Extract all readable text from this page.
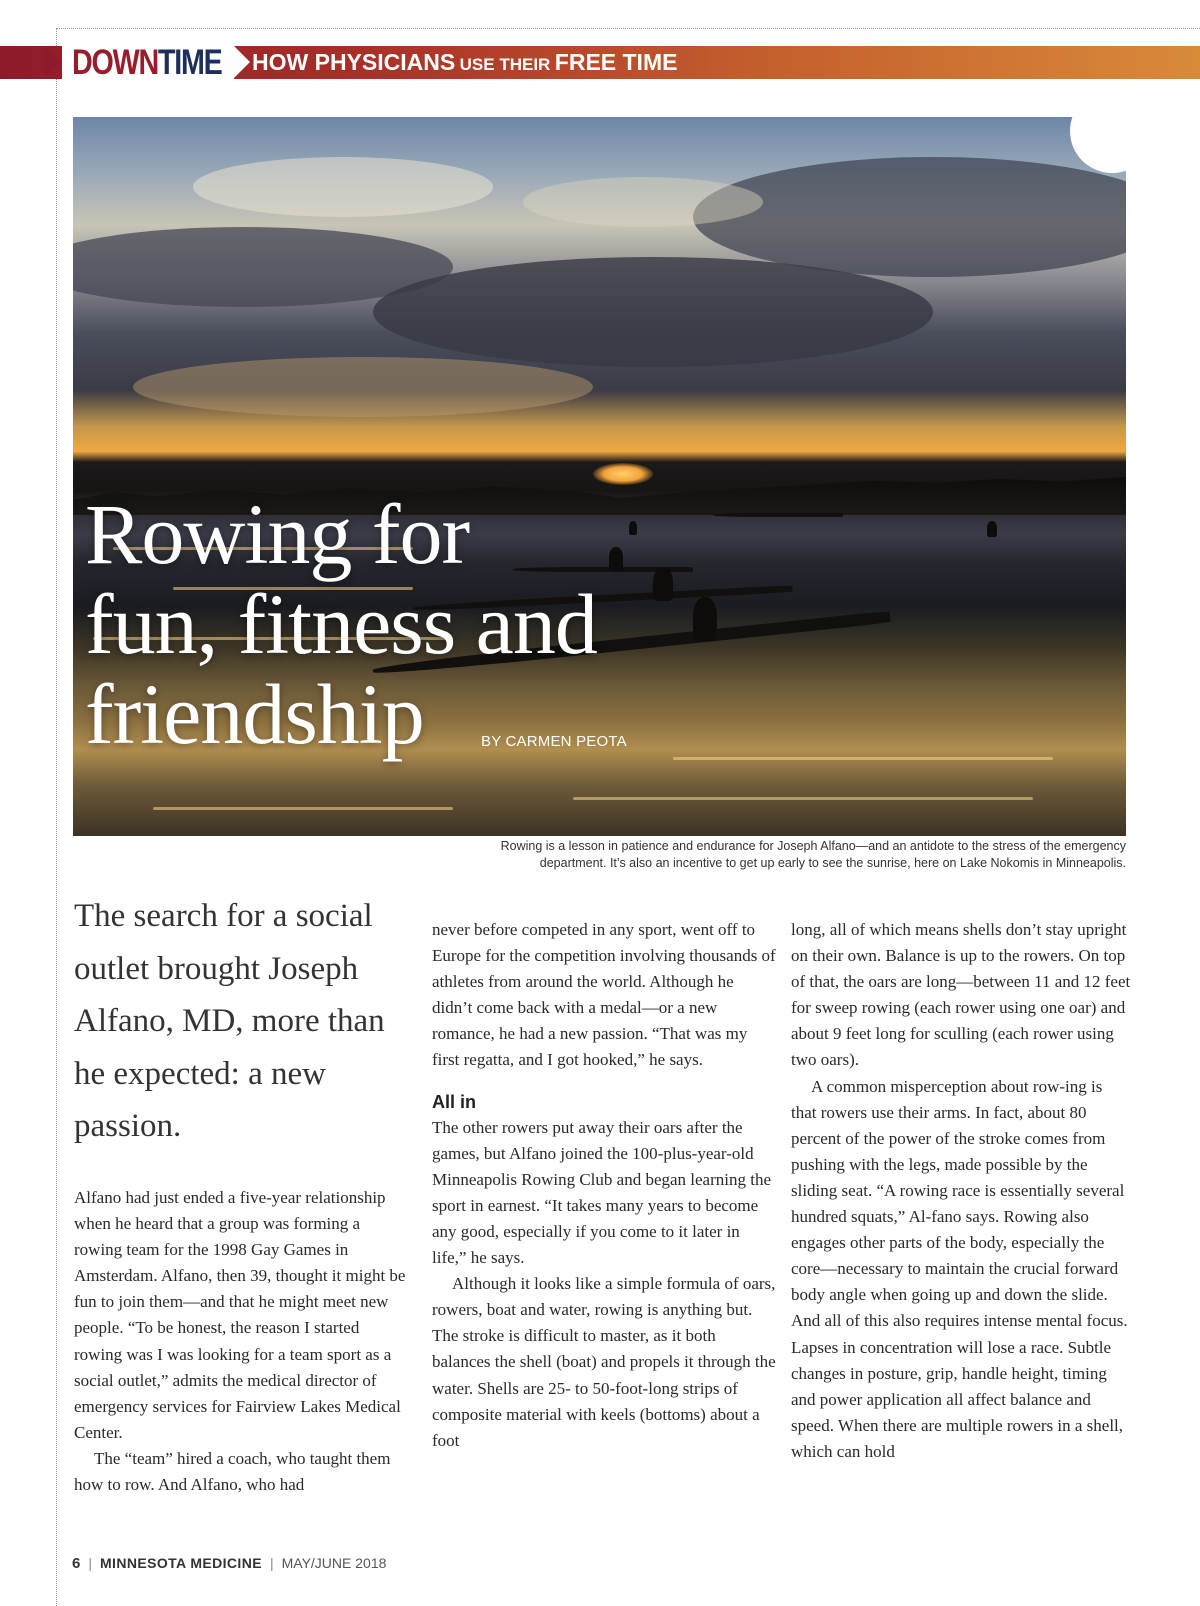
DOWNTIME HOW PHYSICIANS USE THEIR FREE TIME
Rowing for
fun, fitness and
friendship	BY CARMEN PEOTA
Rowing is a lesson in patience and endurance for Joseph Alfano—and an antidote to the stress of the emergency
department. It’s also an incentive to get up early to see the sunrise, here on Lake Nokomis in Minneapolis.
The search for a social outlet brought Joseph Alfano, MD, more than he expected: a new passion.

Alfano had just ended a five-year relationship when he heard that a group was forming a rowing team for the 1998 Gay Games in Amsterdam. Alfano, then 39, thought it might be fun to join them—and that he might meet new people. “To be honest, the reason I started rowing was I was looking for a team sport as a social outlet,” admits the medical director of emergency services for Fairview Lakes Medical Center.

The “team” hired a coach, who taught them how to row. And Alfano, who had

never before competed in any sport, went off to Europe for the competition involving thousands of athletes from around the world. Although he didn’t come back with a medal—or a new romance, he had a new passion. “That was my first regatta, and I got hooked,” he says.

All in

The other rowers put away their oars after the games, but Alfano joined the 100-plus-year-old Minneapolis Rowing Club and began learning the sport in earnest. “It takes many years to become any good, especially if you come to it later in life,” he says.

Although it looks like a simple formula of oars, rowers, boat and water, rowing is anything but. The stroke is difficult to master, as it both balances the shell (boat) and propels it through the water. Shells are 25- to 50-foot-long strips of composite material with keels (bottoms) about a foot

long, all of which means shells don’t stay upright on their own. Balance is up to the rowers. On top of that, the oars are long—between 11 and 12 feet for sweep rowing (each rower using one oar) and about 9 feet long for sculling (each rower using two oars).

A common misperception about row-ing is that rowers use their arms. In fact, about 80 percent of the power of the stroke comes from pushing with the legs, made possible by the sliding seat. “A rowing race is essentially several hundred squats,” Al-fano says. Rowing also engages other parts of the body, especially the core—necessary to maintain the crucial forward body angle when going up and down the slide. And all of this also requires intense mental focus. Lapses in concentration will lose a race. Subtle changes in posture, grip, handle height, timing and power application all affect balance and speed. When there are multiple rowers in a shell, which can hold

6 | MINNESOTA MEDICINE | MAY/JUNE 2018
